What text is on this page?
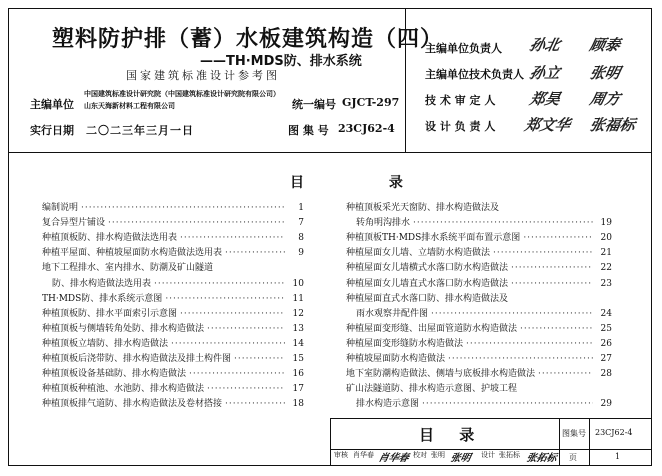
塑料防护排（蓄）水板建筑构造（四）
——TH·MDS防、排水系统
国家建筑标准设计参考图
主编单位
中国建筑标准设计研究院（中国建筑标准设计研究院有限公司）
山东天海新材料工程有限公司	统一编号 GJCT-297
实行日期 二〇二三年三月一日	图 集 号 23CJ62-4
主编单位负责人 孙北 顾泰
主编单位技术负责人 孙立 张明
技 术 审 定 人 郑昊 周方
设 计 负 责 人 郑文华 张福标
目 录
编制说明 ·····	1
复合异型片铺设 ·····	7
种植顶板防、排水构造做法选用表 ·····	8
种植平屋面、种植坡屋面防水构造做法选用表 ·····	9
地下工程排水、室内排水、防潮及矿山隧道
防、排水构造做法选用表 ·····	10
TH·MDS防、排水系统示意图 ·····	11
种植顶板防、排水平面索引示意图 ·····	12
种植顶板与侧墙转角处防、排水构造做法 ·····	13
种植顶板立墙防、排水构造做法 ·····	14
种植顶板后浇带防、排水构造做法及排土构件图 ·····	15
种植顶板设备基础防、排水构造做法 ·····	16
种植顶板种植池、水池防、排水构造做法 ·····	17
种植顶板排气道防、排水构造做法及卷材搭接 ·····	18
种植顶板采光天窗防、排水构造做法及
转角明沟排水 ·····	19
种植顶板TH·MDS排水系统平面布置示意图 ·····	20
种植屋面女儿墙、立墙防水构造做法 ·····	21
种植屋面女儿墙横式水落口防水构造做法 ·····	22
种植屋面女儿墙直式水落口防水构造做法 ·····	23
种植屋面直式水落口防、排水构造做法及
雨水观察井配件图 ·····	24
种植屋面变形缝、出屋面管道防水构造做法 ·····	25
种植屋面变形缝防水构造做法 ·····	26
种植坡屋面防水构造做法 ·····	27
地下室防潮构造做法、侧墙与底板排水构造做法 ·····	28
矿山法隧道防、排水构造示意图、护坡工程
排水构造示意图 ·····	29
目 录	图集号 23CJ62-4
页	1
审核 肖华春 肖华春 校对 张明 张明 设计 张拓标 张拓标
